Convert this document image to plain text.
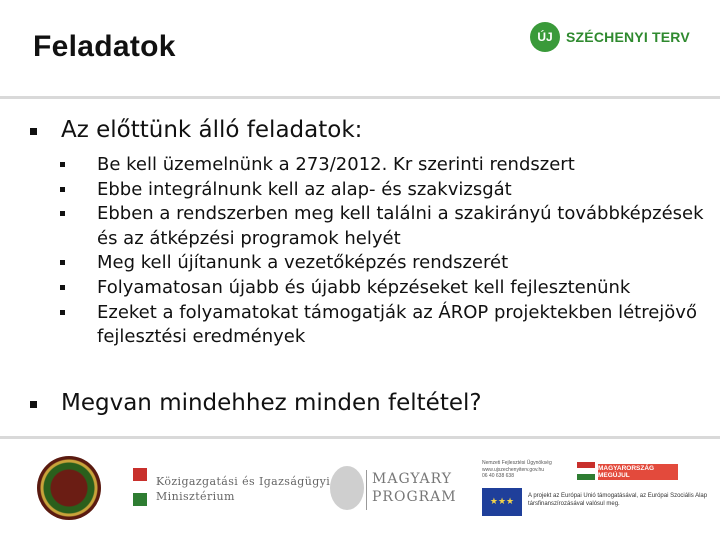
Feladatok	ÚJ SZÉCHENYI TERV
Az előttünk álló feladatok:
Be kell üzemelnünk a 273/2012. Kr szerinti rendszert
Ebbe integrálnunk kell az alap- és szakvizsgát
Ebben a rendszerben meg kell találni a szakirányú továbbképzések és az átképzési programok helyét
Meg kell újítanunk a vezetőképzés rendszerét
Folyamatosan újabb és újabb képzéseket kell fejlesztenünk
Ezeket a folyamatokat támogatják az ÁROP projektekben létrejövő fejlesztési eredmények
Megvan mindehhez minden feltétel?
Közigazgatási és Igazságügyi
Minisztérium
MAGYARY
PROGRAM
Nemzeti Fejlesztési Ügynökség
www.ujszechenyiterv.gov.hu
06 40 638 638
MAGYARORSZÁG MEGÚJUL
★★★
A projekt az Európai Unió támogatásával, az Európai Szociális Alap társfinanszírozásával valósul meg.
